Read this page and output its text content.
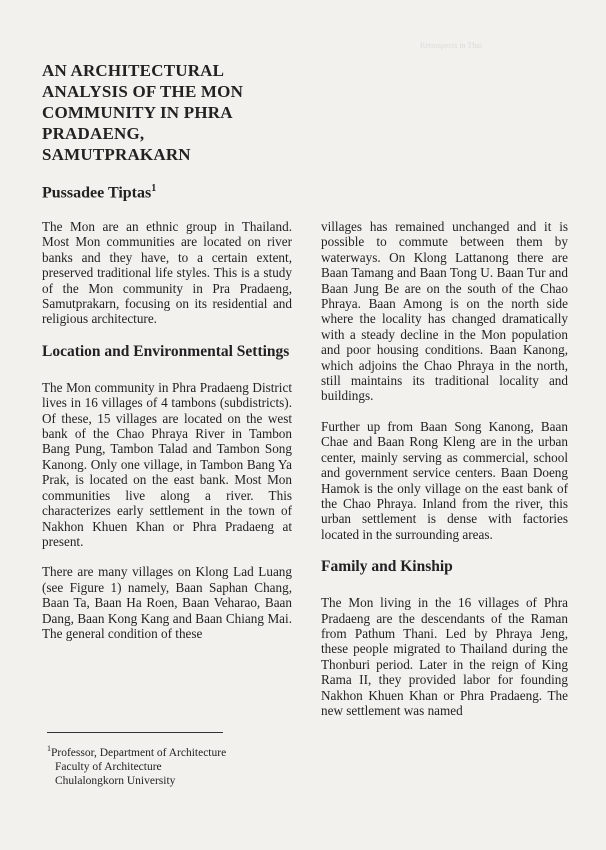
Retrospects in Thai
AN ARCHITECTURAL ANALYSIS OF THE MON COMMUNITY IN PHRA PRADAENG, SAMUTPRAKARN
Pussadee Tiptas$^1$

The Mon are an ethnic group in Thailand. Most Mon communities are located on river banks and they have, to a certain extent, preserved traditional life styles. This is a study of the Mon community in Pra Pradaeng, Samutprakarn, focusing on its residential and religious architecture.

Location and Environmental Settings

The Mon community in Phra Pradaeng District lives in 16 villages of 4 tambons (subdistricts). Of these, 15 villages are located on the west bank of the Chao Phraya River in Tambon Bang Pung, Tambon Talad and Tambon Song Kanong. Only one village, in Tambon Bang Ya Prak, is located on the east bank. Most Mon communities live along a river. This characterizes early settlement in the town of Nakhon Khuen Khan or Phra Pradaeng at present.

There are many villages on Klong Lad Luang (see Figure 1) namely, Baan Saphan Chang, Baan Ta, Baan Ha Roen, Baan Veharao, Baan Dang, Baan Kong Kang and Baan Chiang Mai. The general condition of these

villages has remained unchanged and it is possible to commute between them by waterways. On Klong Lattanong there are Baan Tamang and Baan Tong U. Baan Tur and Baan Jung Be are on the south of the Chao Phraya. Baan Among is on the north side where the locality has changed dramatically with a steady decline in the Mon population and poor housing conditions. Baan Kanong, which adjoins the Chao Phraya in the north, still maintains its traditional locality and buildings.

Further up from Baan Song Kanong, Baan Chae and Baan Rong Kleng are in the urban center, mainly serving as commercial, school and government service centers. Baan Doeng Hamok is the only village on the east bank of the Chao Phraya. Inland from the river, this urban settlement is dense with factories located in the surrounding areas.

Family and Kinship

The Mon living in the 16 villages of Phra Pradaeng are the descendants of the Raman from Pathum Thani. Led by Phraya Jeng, these people migrated to Thailand during the Thonburi period. Later in the reign of King Rama II, they provided labor for founding Nakhon Khuen Khan or Phra Pradaeng. The new settlement was named

$^1$Professor, Department of Architecture
Faculty of Architecture
Chulalongkorn University
